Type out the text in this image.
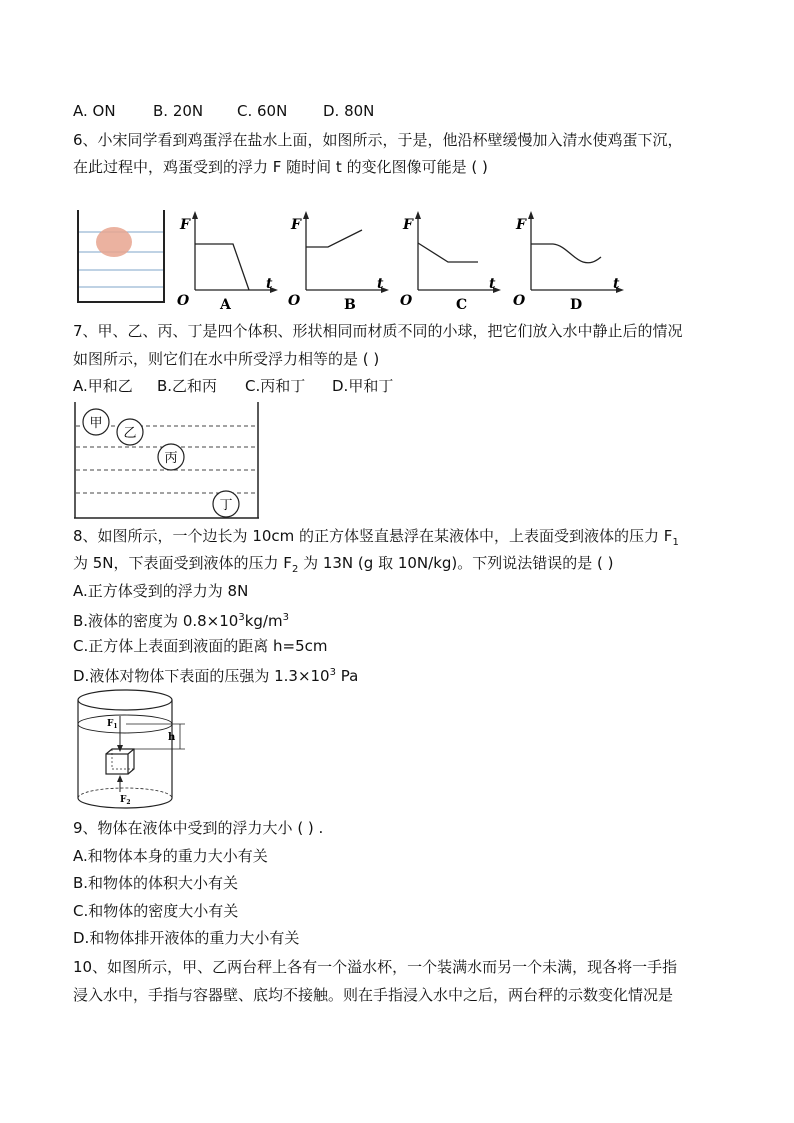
A. ON B. 20N C. 60N D. 80N
6、小宋同学看到鸡蛋浮在盐水上面，如图所示，于是，他沿杯壁缓慢加入清水使鸡蛋下沉，
在此过程中，鸡蛋受到的浮力 F 随时间 t 的变化图像可能是 ( )
F
t
O A
F
t
O	B
F
t
O	C
F
t
O	D
7、甲、乙、丙、丁是四个体积、形状相同而材质不同的小球，把它们放入水中静止后的情况
如图所示，则它们在水中所受浮力相等的是 ( )
A.甲和乙 B.乙和丙 C.丙和丁 D.甲和丁
甲
乙
丙
丁
8、如图所示，一个边长为 10cm 的正方体竖直悬浮在某液体中，上表面受到液体的压力 $F_1$
为 5N，下表面受到液体的压力 $F_2$ 为 13N (g 取 10N/kg)。下列说法错误的是 ( )
A.正方体受到的浮力为 8N
B.液体的密度为 $0.8\times 10^3kg/m^3$
C.正方体上表面到液面的距离 h=5cm
D.液体对物体下表面的压强为 $1.3\times 10^3$ Pa
h
$F_1$
$F_2$
9、物体在液体中受到的浮力大小 ( ) .
A.和物体本身的重力大小有关
B.和物体的体积大小有关
C.和物体的密度大小有关
D.和物体排开液体的重力大小有关
10、如图所示，甲、乙两台秤上各有一个溢水杯，一个装满水而另一个未满，现各将一手指
浸入水中，手指与容器壁、底均不接触。则在手指浸入水中之后，两台秤的示数变化情况是
